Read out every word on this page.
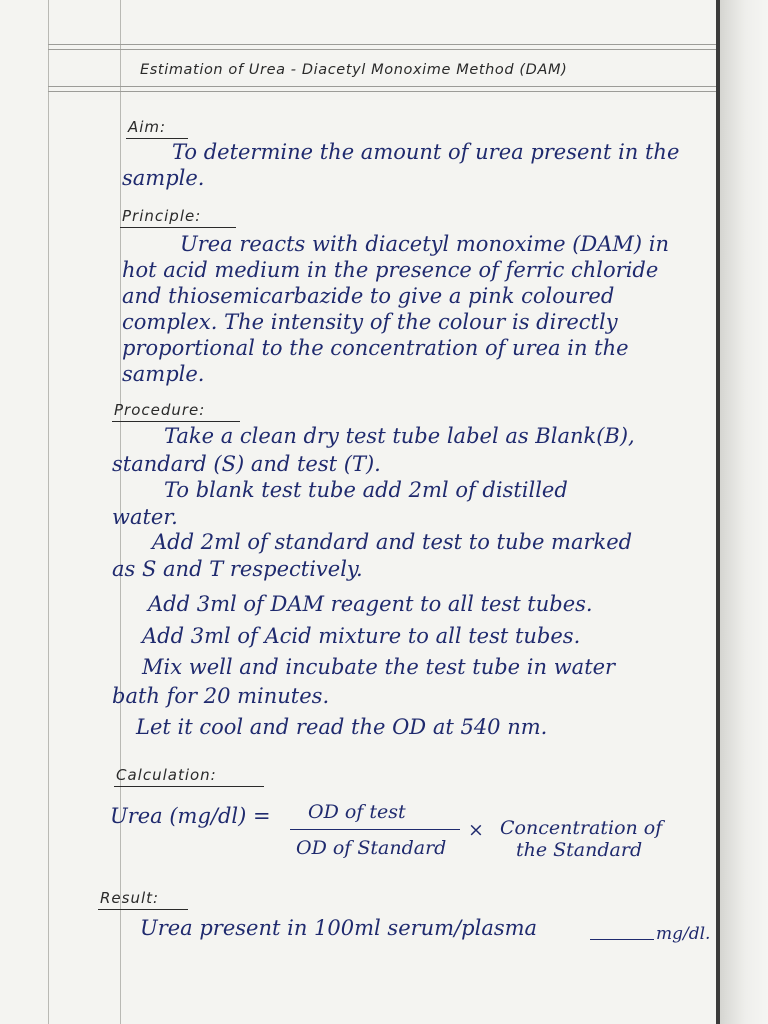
Estimation of Urea - Diacetyl Monoxime Method (DAM)
Aim:
To determine the amount of urea present in the
sample.
Principle:
Urea reacts with diacetyl monoxime (DAM) in
hot acid medium in the presence of ferric chloride
and thiosemicarbazide to give a pink coloured
complex. The intensity of the colour is directly
proportional to the concentration of urea in the
sample.
Procedure:
Take a clean dry test tube label as Blank(B),
standard (S) and test (T).
To blank test tube add 2ml of distilled
water.
Add 2ml of standard and test to tube marked
as S and T respectively.
Add 3ml of DAM reagent to all test tubes.
Add 3ml of Acid mixture to all test tubes.
Mix well and incubate the test tube in water
bath for 20 minutes.
Let it cool and read the OD at 540 nm.
Calculation:
Urea (mg/dl) = OD of test
OD of Standard
× Concentration of
the Standard
Result:
Urea present in 100ml serum/plasma	mg/dl.
